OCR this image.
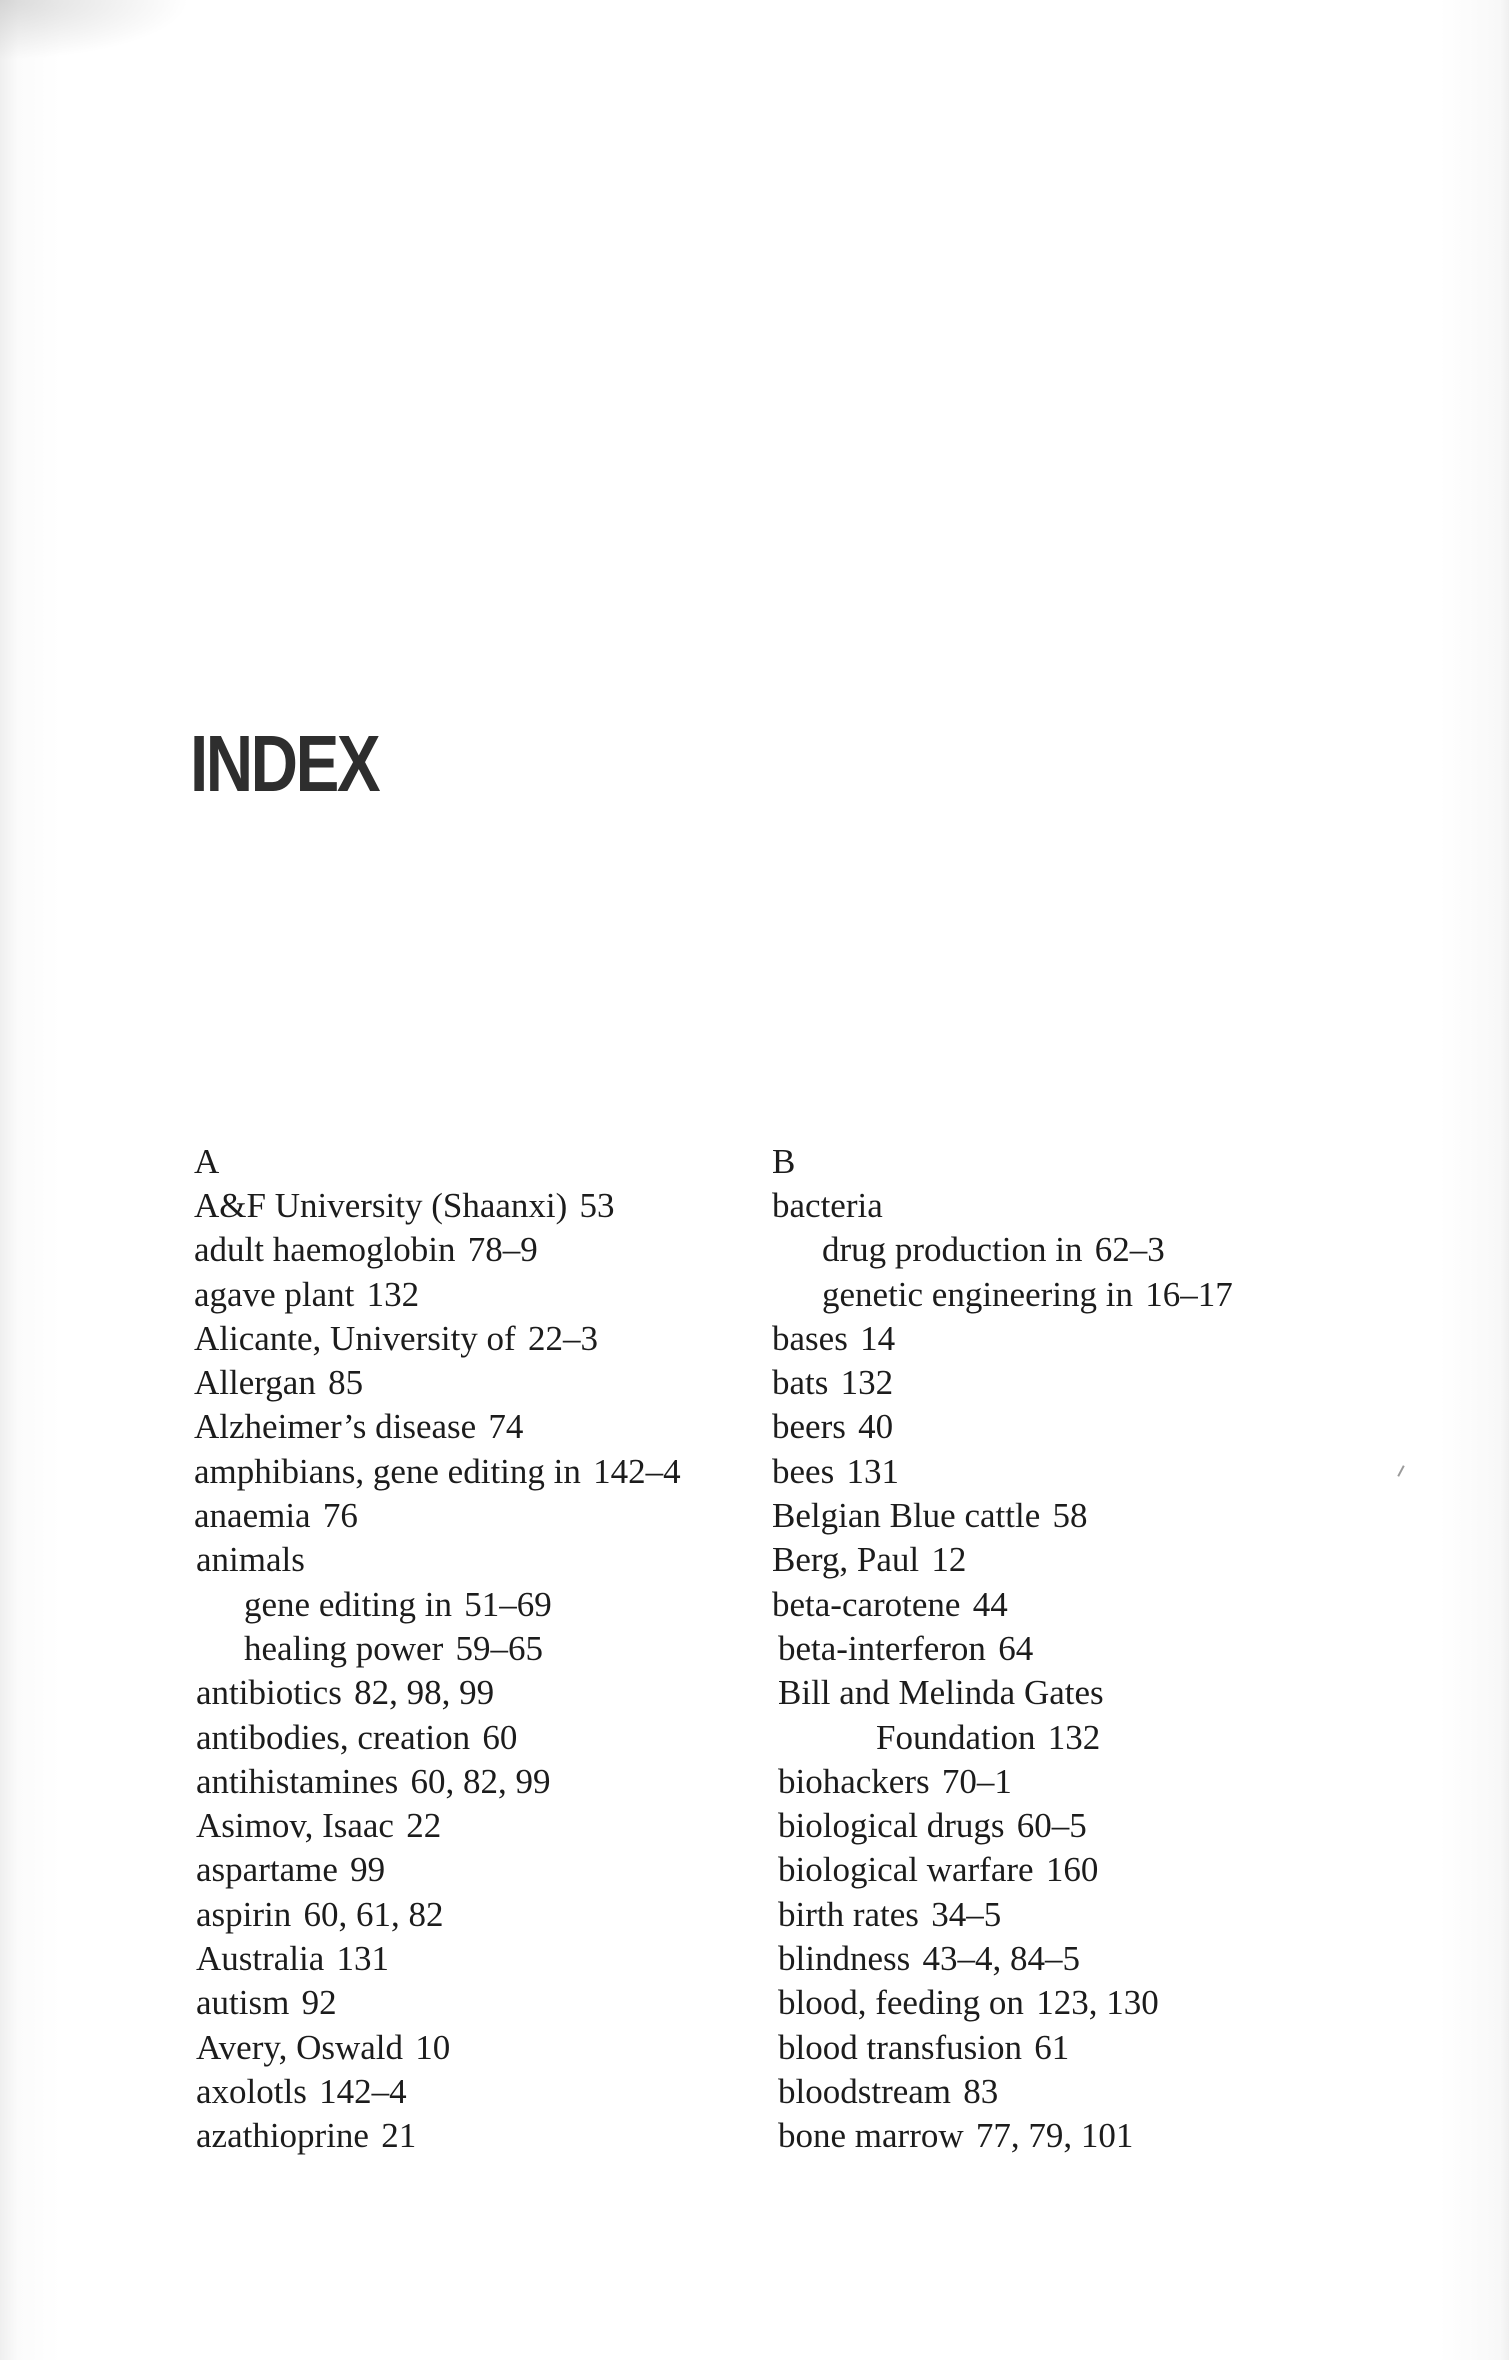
INDEX
A
A&F University (Shaanxi) 53
adult haemoglobin 78–9
agave plant 132
Alicante, University of 22–3
Allergan 85
Alzheimer’s disease 74
amphibians, gene editing in 142–4
anaemia 76
animals
gene editing in 51–69
healing power 59–65
antibiotics 82, 98, 99
antibodies, creation 60
antihistamines 60, 82, 99
Asimov, Isaac 22
aspartame 99
aspirin 60, 61, 82
Australia 131
autism 92
Avery, Oswald 10
axolotls 142–4
azathioprine 21
B
bacteria
drug production in 62–3
genetic engineering in 16–17
bases 14
bats 132
beers 40
bees 131
Belgian Blue cattle 58
Berg, Paul 12
beta-carotene 44
beta-interferon 64
Bill and Melinda Gates
Foundation 132
biohackers 70–1
biological drugs 60–5
biological warfare 160
birth rates 34–5
blindness 43–4, 84–5
blood, feeding on 123, 130
blood transfusion 61
bloodstream 83
bone marrow 77, 79, 101
